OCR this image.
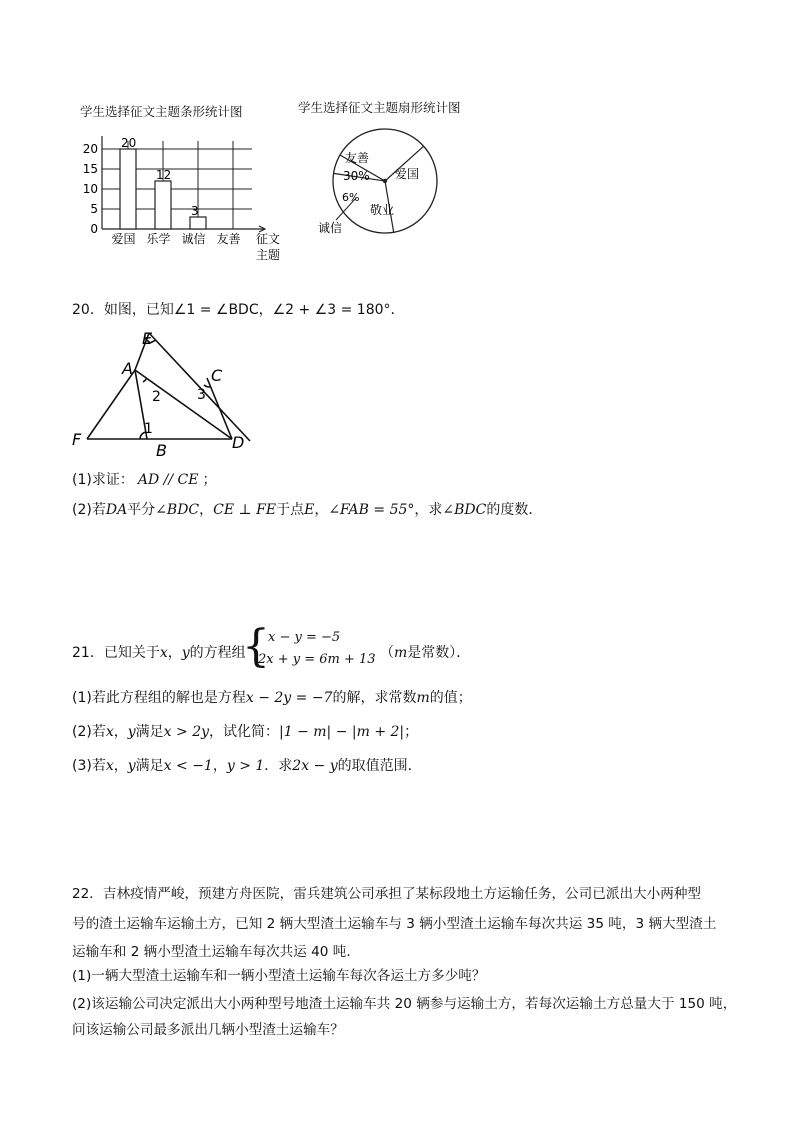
学生选择征文主题条形统计图
20
12
3
0
5
10
15
20
爱国 乐学 诚信 友善 征文
主题
学生选择征文主题扇形统计图
友善
30% 爱国
敬业
6%
诚信
20．如图，已知∠1 = ∠BDC，∠2 + ∠3 = 180°．
E
A	C
F
B	D
1
2	3
(1)求证： AD // CE ；
(2)若DA平分∠BDC，CE ⊥ FE于点E，∠FAB = 55°，求∠BDC的度数．
21．已知关于x，y的方程组
{
x − y = −5
2x + y = 6m + 13 （m是常数）．
(1)若此方程组的解也是方程x − 2y = −7的解，求常数m的值；
(2)若x，y满足x > 2y，试化简：|1 − m| − |m + 2|；
(3)若x，y满足x < −1，y > 1．求2x − y的取值范围．
22．吉林疫情严峻，预建方舟医院，雷兵建筑公司承担了某标段地土方运输任务，公司已派出大小两种型
号的渣土运输车运输土方，已知 2 辆大型渣土运输车与 3 辆小型渣土运输车每次共运 35 吨，3 辆大型渣土
运输车和 2 辆小型渣土运输车每次共运 40 吨．
(1)一辆大型渣土运输车和一辆小型渣土运输车每次各运土方多少吨？
(2)该运输公司决定派出大小两种型号地渣土运输车共 20 辆参与运输土方，若每次运输土方总量大于 150 吨，
问该运输公司最多派出几辆小型渣土运输车？
